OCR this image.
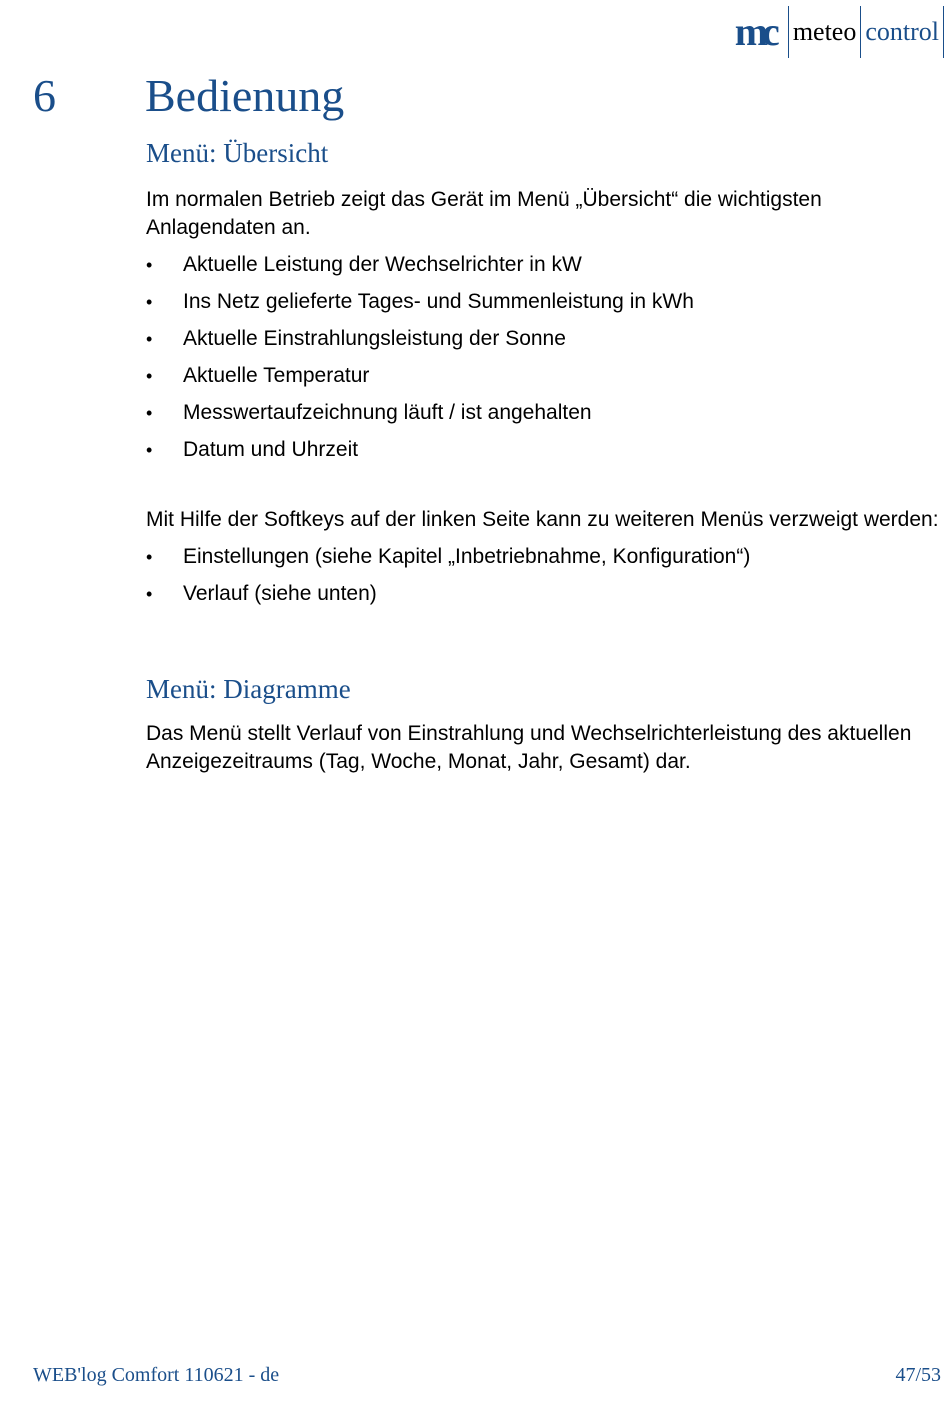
mc meteo control
6	Bedienung
Menü: Übersicht

Im normalen Betrieb zeigt das Gerät im Menü „Übersicht“ die wichtigsten Anlagendaten an.

• Aktuelle Leistung der Wechselrichter in kW
• Ins Netz gelieferte Tages- und Summenleistung in kWh
• Aktuelle Einstrahlungsleistung der Sonne
• Aktuelle Temperatur
• Messwertaufzeichnung läuft / ist angehalten
• Datum und Uhrzeit

Mit Hilfe der Softkeys auf der linken Seite kann zu weiteren Menüs verzweigt werden:

• Einstellungen (siehe Kapitel „Inbetriebnahme, Konfiguration“)
• Verlauf (siehe unten)
Menü: Diagramme

Das Menü stellt Verlauf von Einstrahlung und Wechselrichterleistung des aktuellen Anzeigezeitraums (Tag, Woche, Monat, Jahr, Gesamt) dar.

WEB'log Comfort 110621 - de	47/53
